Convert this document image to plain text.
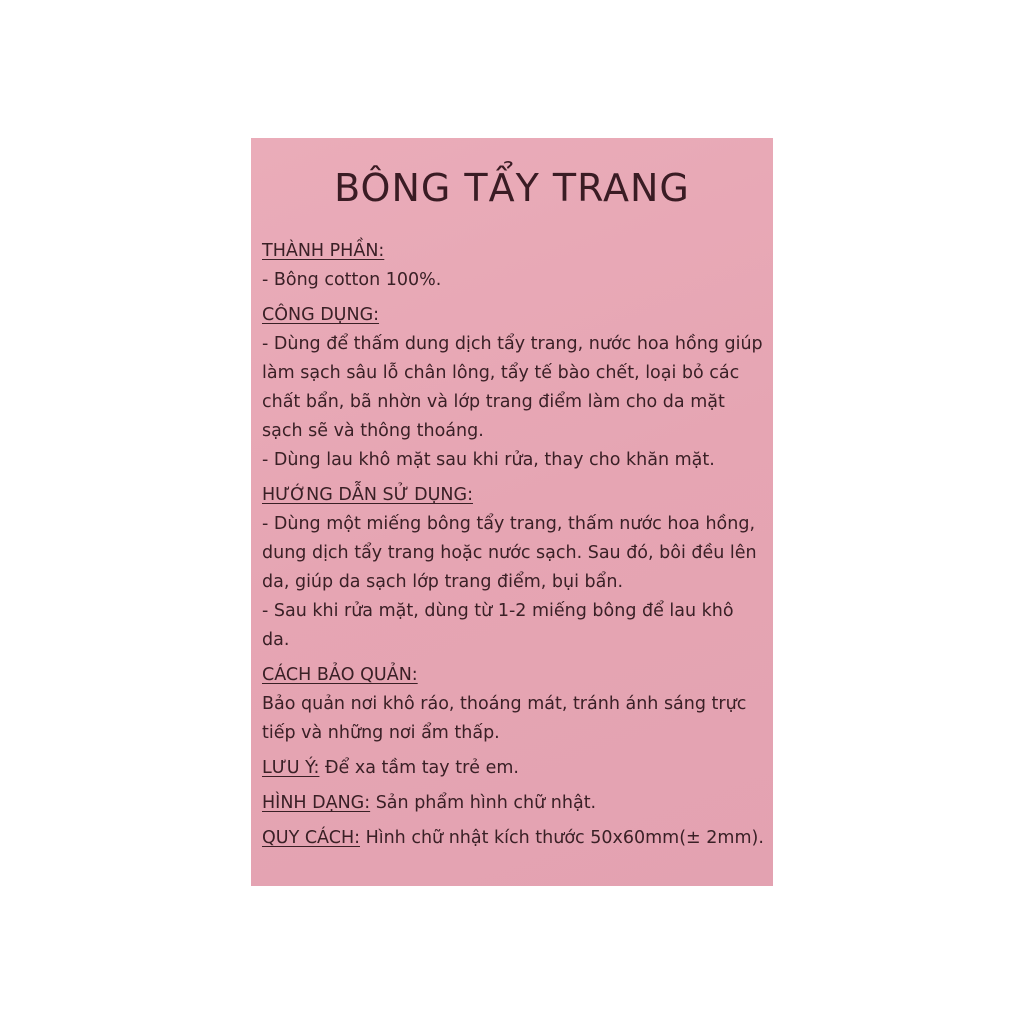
BÔNG TẨY TRANG
THÀNH PHẦN:
- Bông cotton 100%.
CÔNG DỤNG:
- Dùng để thấm dung dịch tẩy trang, nước hoa hồng giúp
làm sạch sâu lỗ chân lông, tẩy tế bào chết, loại bỏ các
chất bẩn, bã nhờn và lớp trang điểm làm cho da mặt
sạch sẽ và thông thoáng.
- Dùng lau khô mặt sau khi rửa, thay cho khăn mặt.
HƯỚNG DẪN SỬ DỤNG:
- Dùng một miếng bông tẩy trang, thấm nước hoa hồng,
dung dịch tẩy trang hoặc nước sạch. Sau đó, bôi đều lên
da, giúp da sạch lớp trang điểm, bụi bẩn.
- Sau khi rửa mặt, dùng từ 1-2 miếng bông để lau khô
da.
CÁCH BẢO QUẢN:
Bảo quản nơi khô ráo, thoáng mát, tránh ánh sáng trực
tiếp và những nơi ẩm thấp.
LƯU Ý: Để xa tầm tay trẻ em.
HÌNH DẠNG: Sản phẩm hình chữ nhật.
QUY CÁCH: Hình chữ nhật kích thước 50x60mm(± 2mm).
